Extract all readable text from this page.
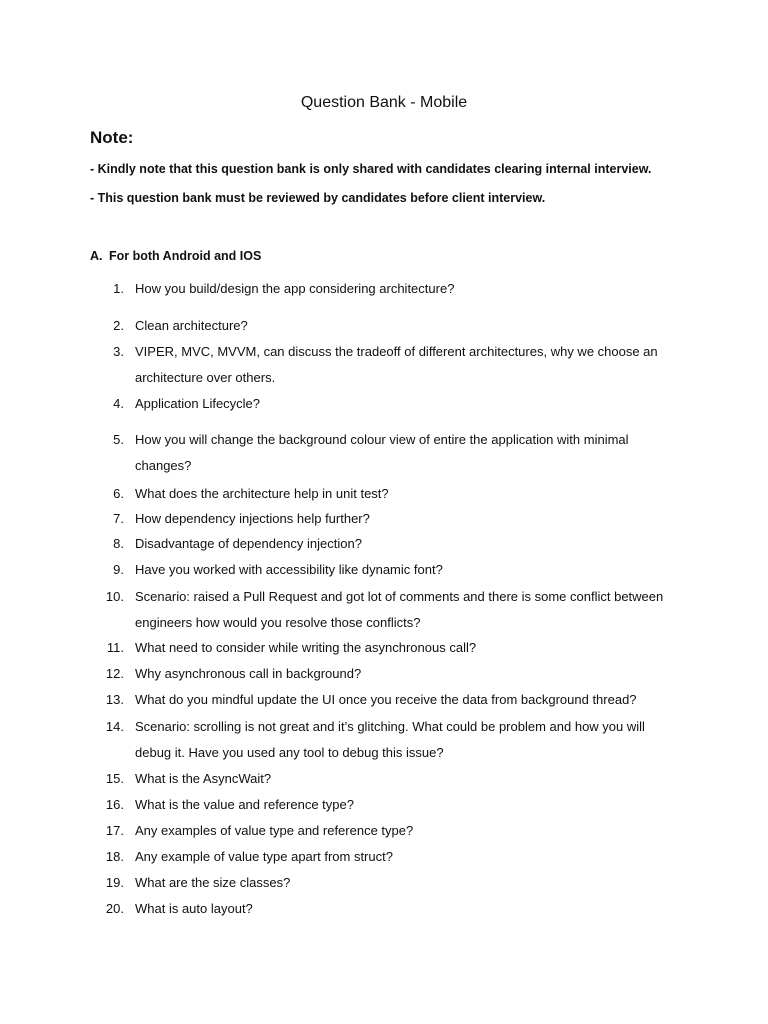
Question Bank - Mobile
Note:

- Kindly note that this question bank is only shared with candidates clearing internal interview.

- This question bank must be reviewed by candidates before client interview.

A. For both Android and IOS
1. How you build/design the app considering architecture?
2. Clean architecture?
3. VIPER, MVC, MVVM, can discuss the tradeoff of different architectures, why we choose an architecture over others.
4. Application Lifecycle?
5. How you will change the background colour view of entire the application with minimal changes?
6. What does the architecture help in unit test?
7. How dependency injections help further?
8. Disadvantage of dependency injection?
9. Have you worked with accessibility like dynamic font?
10. Scenario: raised a Pull Request and got lot of comments and there is some conflict between engineers how would you resolve those conflicts?
11. What need to consider while writing the asynchronous call?
12. Why asynchronous call in background?
13. What do you mindful update the UI once you receive the data from background thread?
14. Scenario: scrolling is not great and it’s glitching. What could be problem and how you will debug it. Have you used any tool to debug this issue?
15. What is the AsyncWait?
16. What is the value and reference type?
17. Any examples of value type and reference type?
18. Any example of value type apart from struct?
19. What are the size classes?
20. What is auto layout?
